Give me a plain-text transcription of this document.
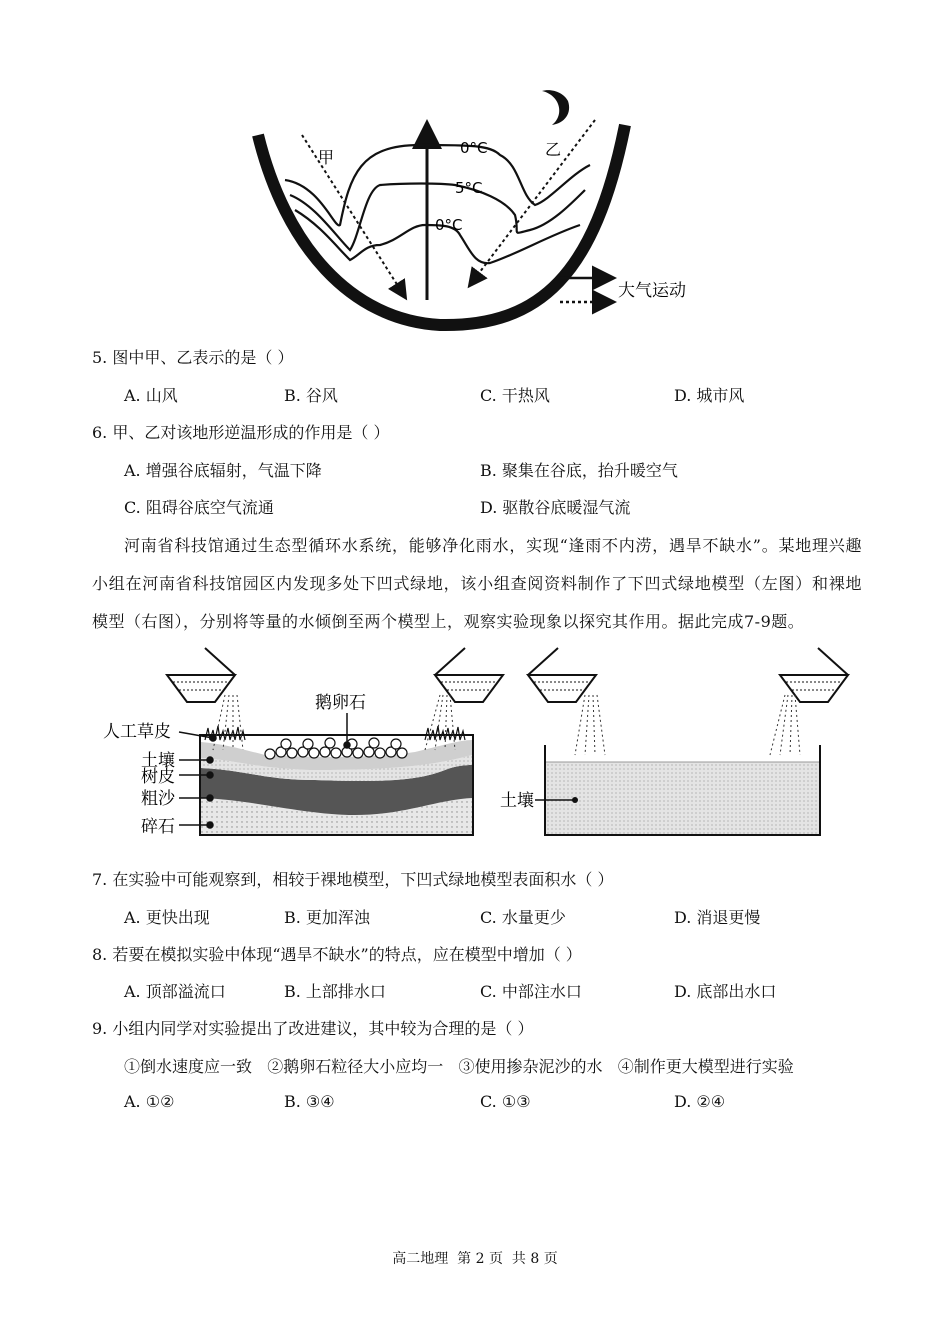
0°C
5°C
0°C
甲	乙
大气运动
5. 图中甲、乙表示的是（ ）
A. 山风	B. 谷风	C. 干热风	D. 城市风
6. 甲、乙对该地形逆温形成的作用是（ ）
A. 增强谷底辐射，气温下降	B. 聚集在谷底，抬升暖空气
C. 阻碍谷底空气流通	D. 驱散谷底暖湿气流

河南省科技馆通过生态型循环水系统，能够净化雨水，实现“逢雨不内涝，遇旱不缺水”。某地理兴趣小组在河南省科技馆园区内发现多处下凹式绿地，该小组查阅资料制作了下凹式绿地模型（左图）和裸地模型（右图），分别将等量的水倾倒至两个模型上，观察实验现象以探究其作用。据此完成7-9题。

人工草皮
土壤
树皮
粗沙
碎石
鹅卵石
土壤
7. 在实验中可能观察到，相较于裸地模型，下凹式绿地模型表面积水（ ）
A. 更快出现	B. 更加浑浊	C. 水量更少	D. 消退更慢
8. 若要在模拟实验中体现“遇旱不缺水”的特点，应在模型中增加（ ）
A. 顶部溢流口	B. 上部排水口	C. 中部注水口	D. 底部出水口
9. 小组内同学对实验提出了改进建议，其中较为合理的是（ ）
①倒水速度应一致   ②鹅卵石粒径大小应均一   ③使用掺杂泥沙的水   ④制作更大模型进行实验
A. ①②	B. ③④	C. ①③	D. ②④
高二地理  第 2 页  共 8 页
